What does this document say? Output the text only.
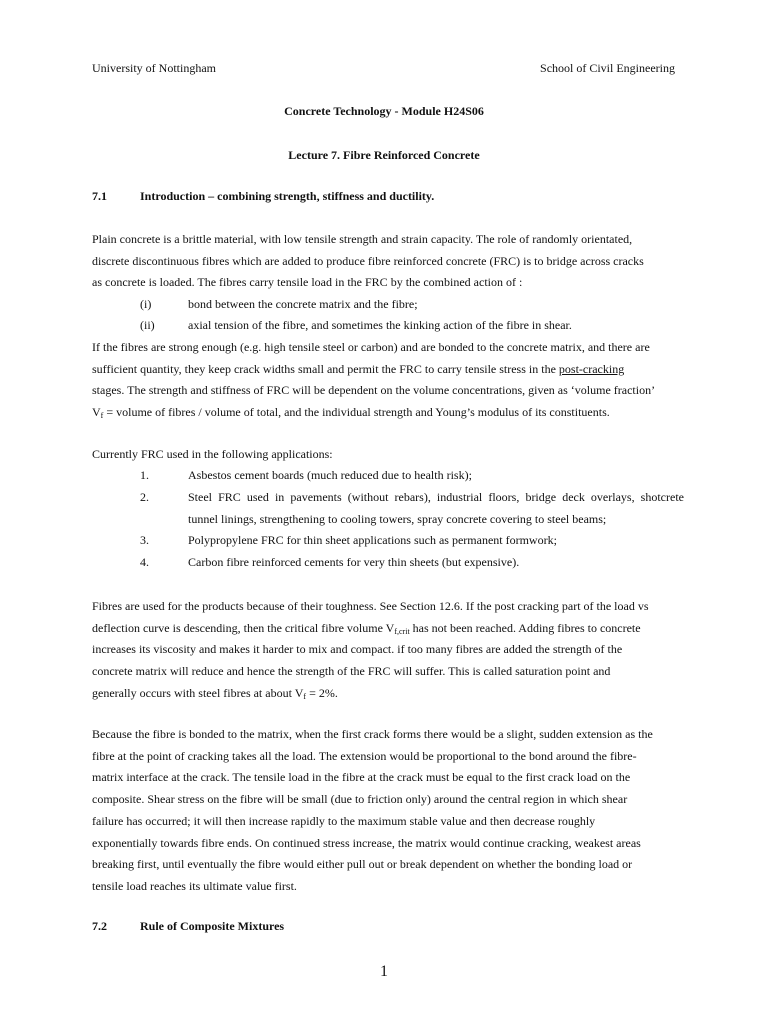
University of Nottingham	School of Civil Engineering
Concrete Technology - Module H24S06
Lecture 7. Fibre Reinforced Concrete
7.1	Introduction – combining strength, stiffness and ductility.
Plain concrete is a brittle material, with low tensile strength and strain capacity. The role of randomly orientated,
discrete discontinuous fibres which are added to produce fibre reinforced concrete (FRC) is to bridge across cracks
as concrete is loaded. The fibres carry tensile load in the FRC by the combined action of :
(i)	bond between the concrete matrix and the fibre;
(ii)	axial tension of the fibre, and sometimes the kinking action of the fibre in shear.
If the fibres are strong enough (e.g. high tensile steel or carbon) and are bonded to the concrete matrix, and there are
sufficient quantity, they keep crack widths small and permit the FRC to carry tensile stress in the post-cracking
stages. The strength and stiffness of FRC will be dependent on the volume concentrations, given as ‘volume fraction’
$V_f$ = volume of fibres / volume of total, and the individual strength and Young’s modulus of its constituents.
Currently FRC used in the following applications:
1.	Asbestos cement boards (much reduced due to health risk);
2.	Steel FRC used in pavements (without rebars), industrial floors, bridge deck overlays, shotcrete
tunnel linings, strengthening to cooling towers, spray concrete covering to steel beams;
3.	Polypropylene FRC for thin sheet applications such as permanent formwork;
4.	Carbon fibre reinforced cements for very thin sheets (but expensive).
Fibres are used for the products because of their toughness. See Section 12.6. If the post cracking part of the load vs
deflection curve is descending, then the critical fibre volume $V_{f,crit}$ has not been reached. Adding fibres to concrete
increases its viscosity and makes it harder to mix and compact. if too many fibres are added the strength of the
concrete matrix will reduce and hence the strength of the FRC will suffer. This is called saturation point and
generally occurs with steel fibres at about $V_f = 2\%$.
Because the fibre is bonded to the matrix, when the first crack forms there would be a slight, sudden extension as the
fibre at the point of cracking takes all the load. The extension would be proportional to the bond around the fibre-
matrix interface at the crack. The tensile load in the fibre at the crack must be equal to the first crack load on the
composite. Shear stress on the fibre will be small (due to friction only) around the central region in which shear
failure has occurred; it will then increase rapidly to the maximum stable value and then decrease roughly
exponentially towards fibre ends. On continued stress increase, the matrix would continue cracking, weakest areas
breaking first, until eventually the fibre would either pull out or break dependent on whether the bonding load or
tensile load reaches its ultimate value first.
7.2	Rule of Composite Mixtures
1
